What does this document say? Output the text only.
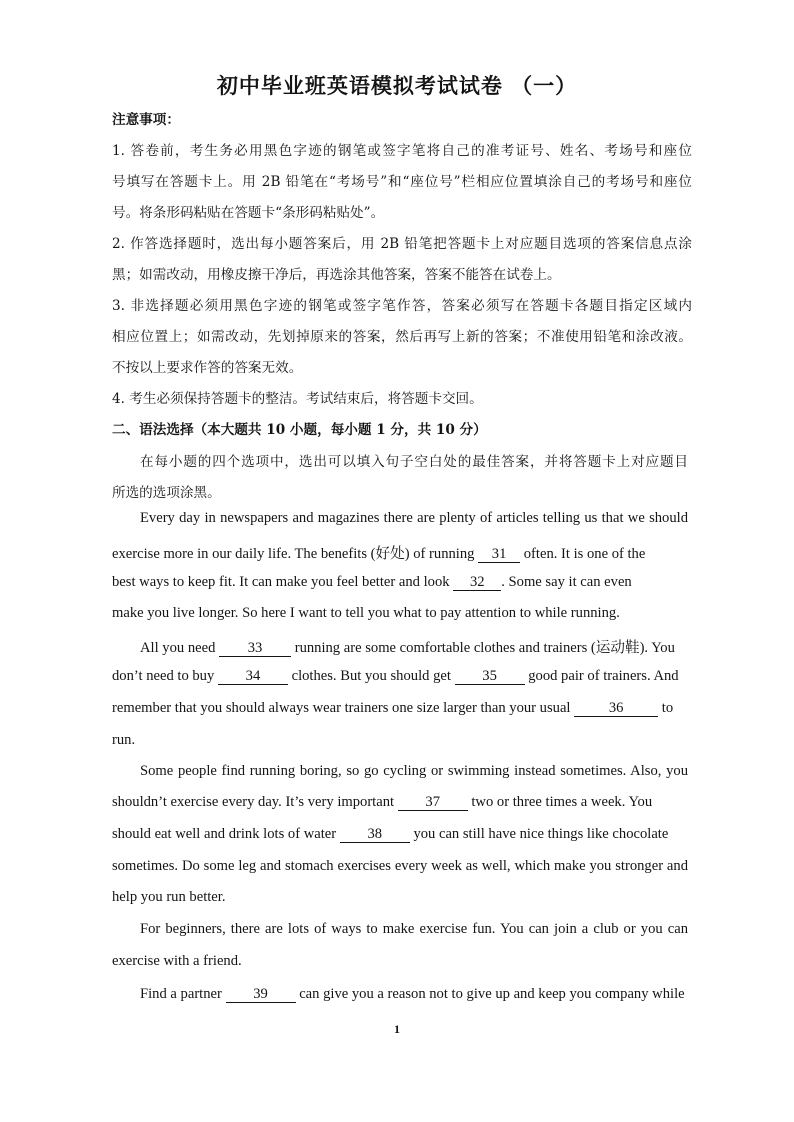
初中毕业班英语模拟考试试卷 （一）
注意事项：
1. 答卷前，考生务必用黑色字迹的钢笔或签字笔将自己的准考证号、姓名、考场号和座位
号填写在答题卡上。用 2B 铅笔在“考场号”和“座位号”栏相应位置填涂自己的考场号和座位
号。将条形码粘贴在答题卡“条形码粘贴处”。
2. 作答选择题时，选出每小题答案后，用 2B 铅笔把答题卡上对应题目选项的答案信息点涂
黑；如需改动，用橡皮擦干净后，再选涂其他答案，答案不能答在试卷上。
3. 非选择题必须用黑色字迹的钢笔或签字笔作答，答案必须写在答题卡各题目指定区域内
相应位置上；如需改动，先划掉原来的答案，然后再写上新的答案；不准使用铅笔和涂改液。
不按以上要求作答的答案无效。
4. 考生必须保持答题卡的整洁。考试结束后，将答题卡交回。
二、语法选择（本大题共 10 小题，每小题 1 分，共 10 分）
在每小题的四个选项中，选出可以填入句子空白处的最佳答案，并将答题卡上对应题目
所选的选项涂黑。
Every day in newspapers and magazines there are plenty of articles telling us that we should
exercise more in our daily life. The benefits (好处) of running 31 often. It is one of the
best ways to keep fit. It can make you feel better and look 32 . Some say it can even
make you live longer. So here I want to tell you what to pay attention to while running.
All you need 33 running are some comfortable clothes and trainers (运动鞋). You
don’t need to buy 34 clothes. But you should get 35 good pair of trainers. And
remember that you should always wear trainers one size larger than your usual	36	to
run.
Some people find running boring, so go cycling or swimming instead sometimes. Also, you
shouldn’t exercise every day. It’s very important 37 two or three times a week. You
should eat well and drink lots of water 38 you can still have nice things like chocolate
sometimes. Do some leg and stomach exercises every week as well, which make you stronger and
help you run better.
For beginners, there are lots of ways to make exercise fun. You can join a club or you can
exercise with a friend.
Find a partner 39 can give you a reason not to give up and keep you company while
1
